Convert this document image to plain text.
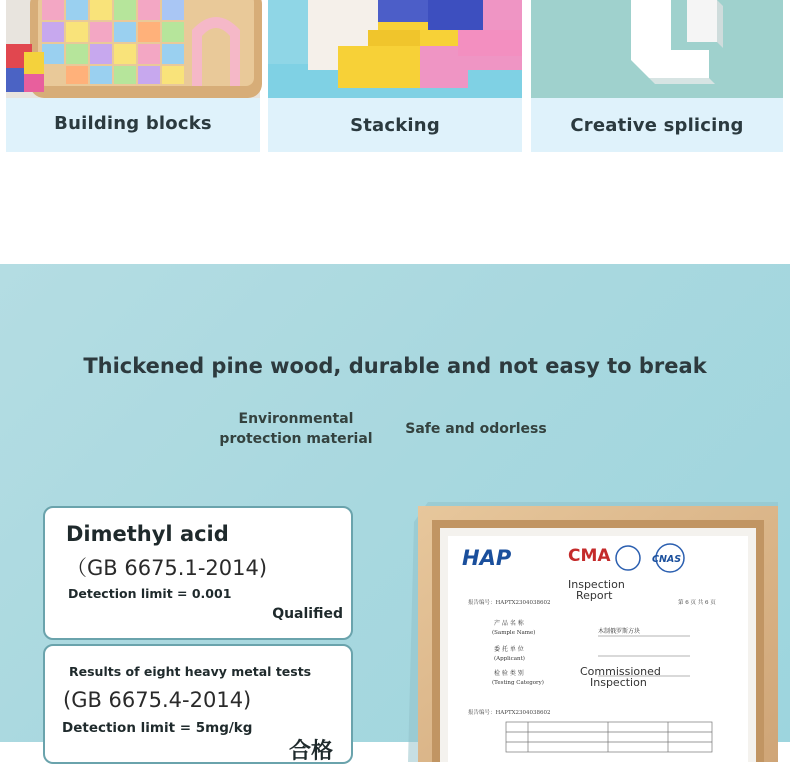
Building blocks	Stacking	Creative splicing
Thickened pine wood, durable and not easy to break
Environmental
protection material
Safe and odorless
Dimethyl acid
（GB 6675.1-2014)
Detection limit = 0.001
Qualified
Results of eight heavy metal tests
(GB 6675.4-2014)
Detection limit = 5mg/kg
合格
HAP	CMA	CNAS
Inspection
Report
报告编号：HAPTX2304038602	第 6 页 共 6 页
产 品 名 称
(Sample Name)	木制俄罗斯方块
委 托 单 位
(Applicant)
检 验 类 别
(Testing Category)
Commissioned
Inspection
报告编号：HAPTX2304038602
